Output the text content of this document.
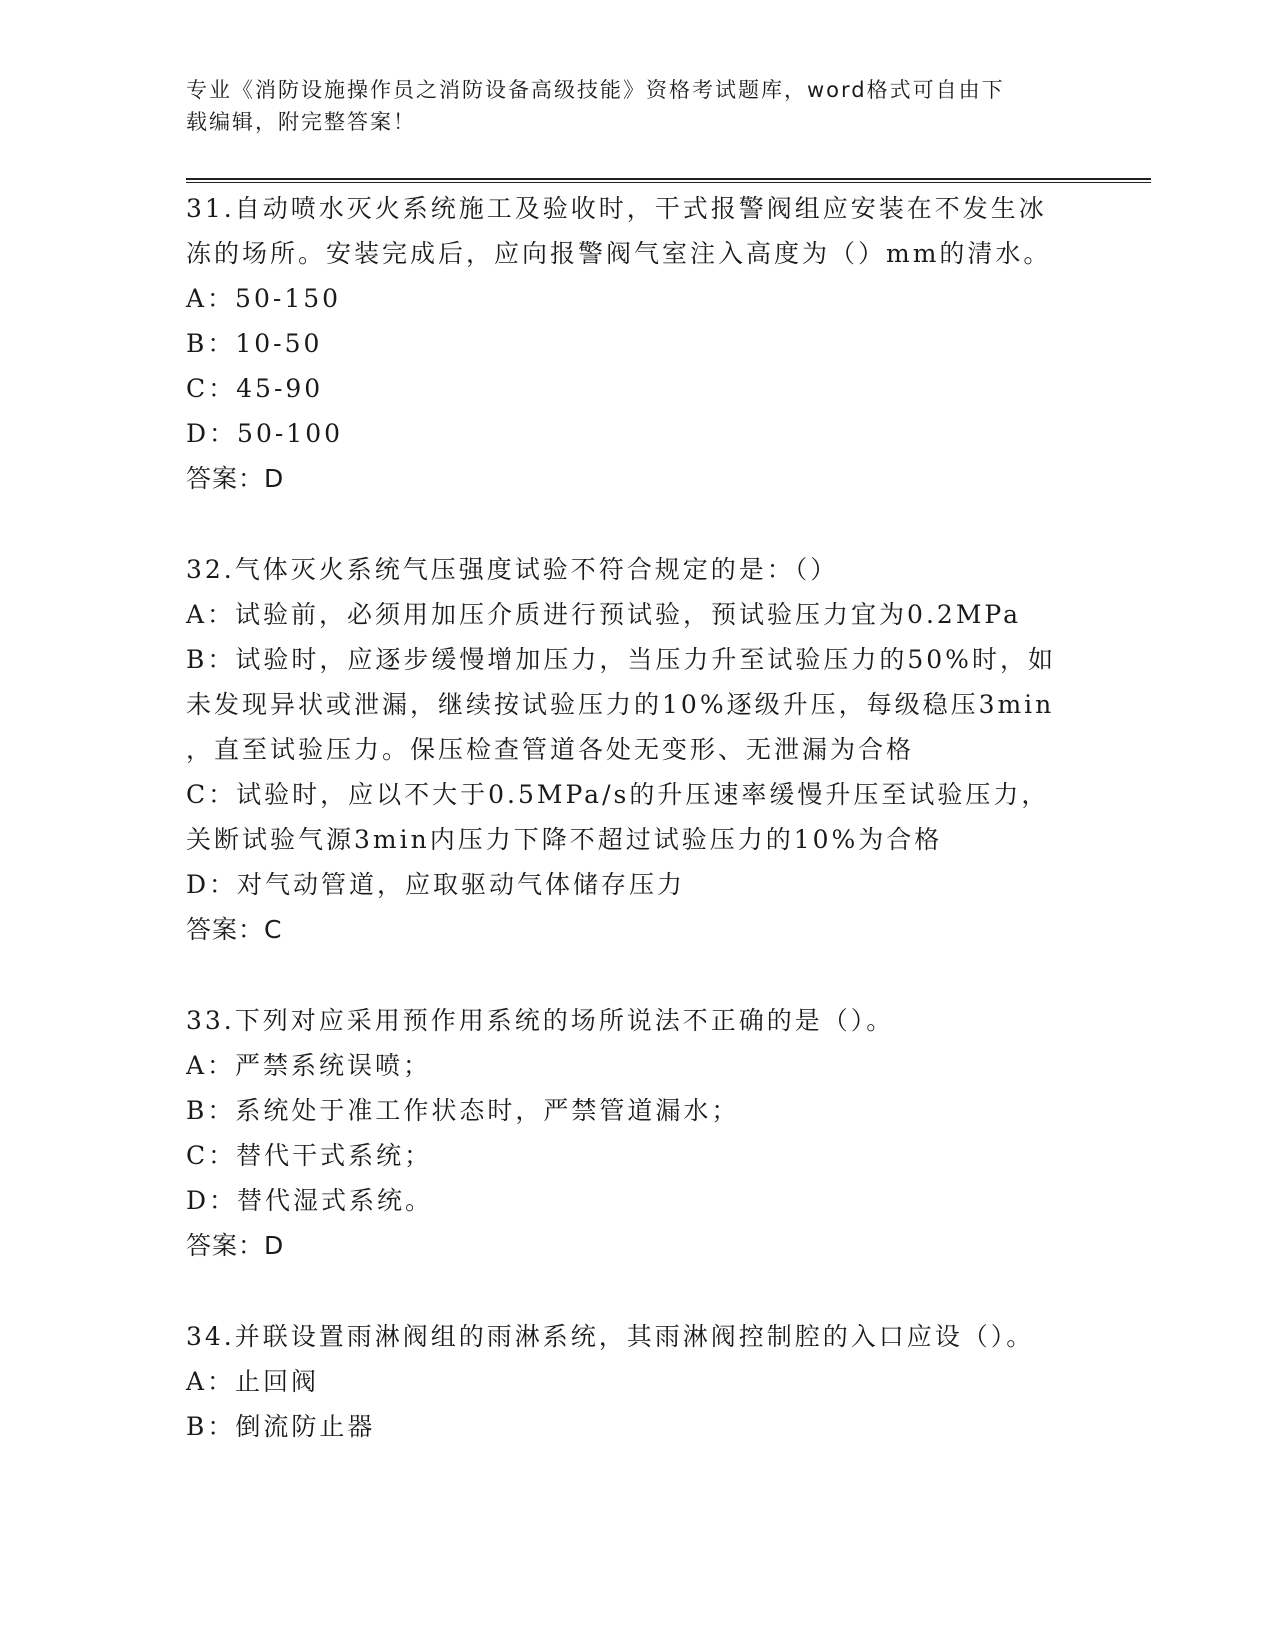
专业《消防设施操作员之消防设备高级技能》资格考试题库，word格式可自由下
载编辑，附完整答案！
31.自动喷水灭火系统施工及验收时，干式报警阀组应安装在不发生冰
冻的场所。安装完成后，应向报警阀气室注入高度为（）mm的清水。
A：50-150
B：10-50
C：45-90
D：50-100
答案：D
32.气体灭火系统气压强度试验不符合规定的是：（）
A：试验前，必须用加压介质进行预试验，预试验压力宜为0.2MPa
B：试验时，应逐步缓慢增加压力，当压力升至试验压力的50%时，如
未发现异状或泄漏，继续按试验压力的10%逐级升压，每级稳压3min
，直至试验压力。保压检查管道各处无变形、无泄漏为合格
C：试验时，应以不大于0.5MPa/s的升压速率缓慢升压至试验压力，
关断试验气源3min内压力下降不超过试验压力的10%为合格
D：对气动管道，应取驱动气体储存压力
答案：C
33.下列对应采用预作用系统的场所说法不正确的是（）。
A：严禁系统误喷；
B：系统处于准工作状态时，严禁管道漏水；
C：替代干式系统；
D：替代湿式系统。
答案：D
34.并联设置雨淋阀组的雨淋系统，其雨淋阀控制腔的入口应设（）。
A：止回阀
B：倒流防止器
